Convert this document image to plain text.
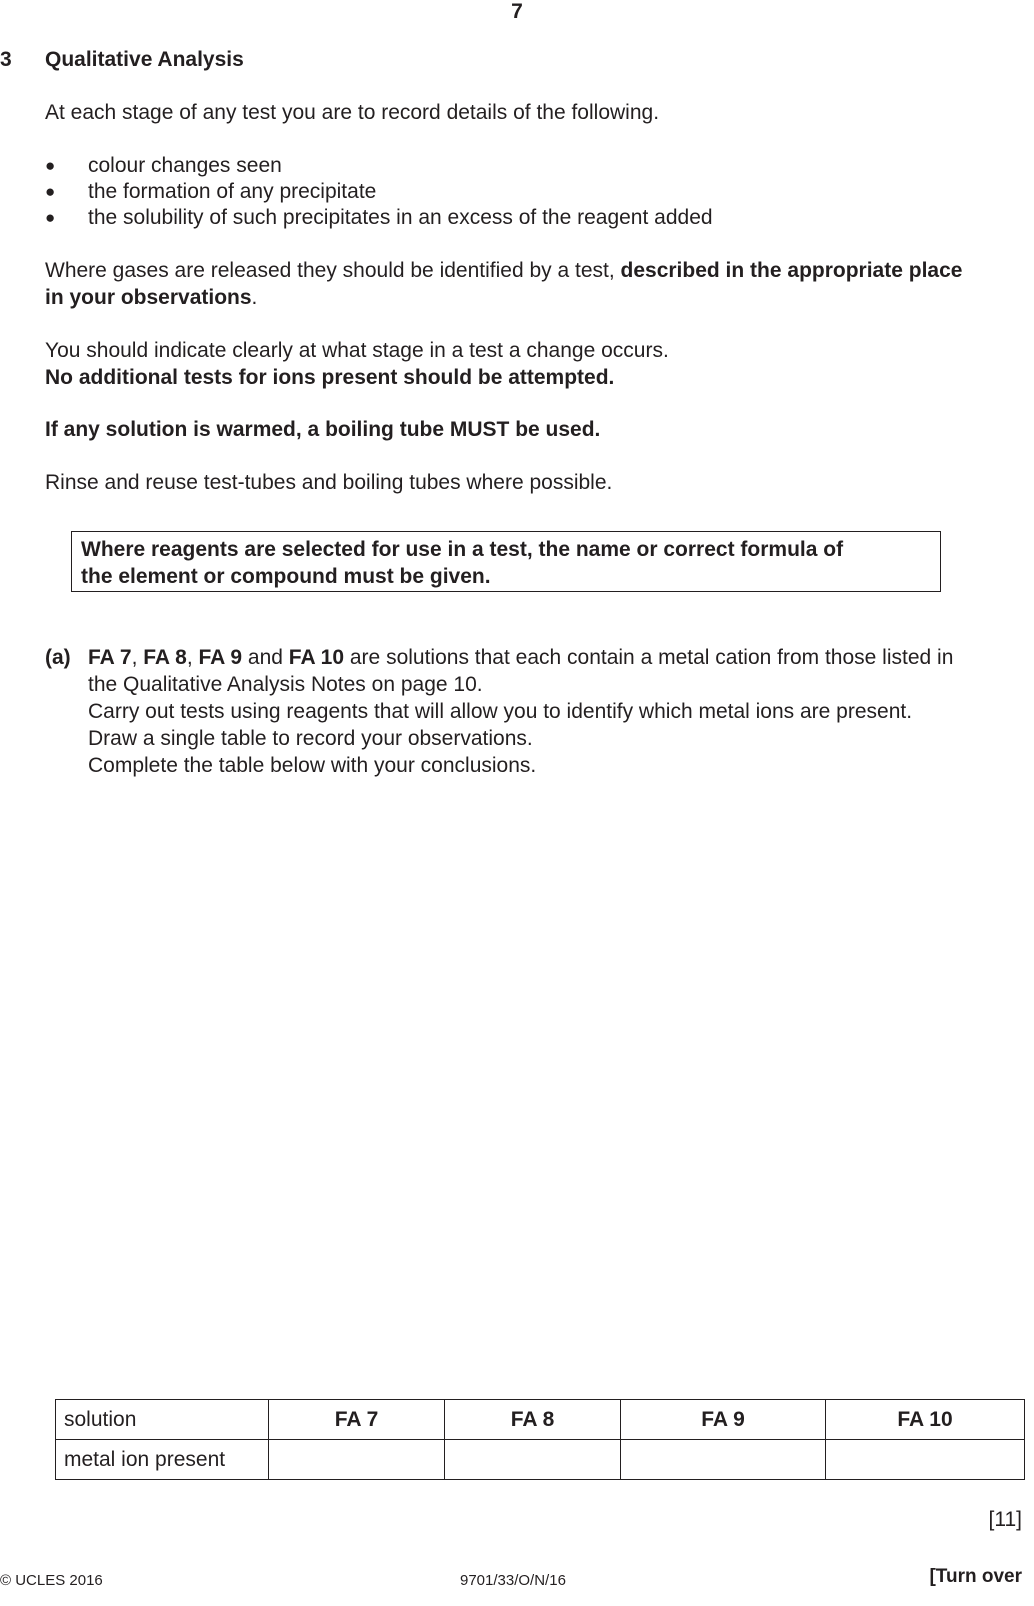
7
3 Qualitative Analysis
At each stage of any test you are to record details of the following.
● colour changes seen
● the formation of any precipitate
● the solubility of such precipitates in an excess of the reagent added
Where gases are released they should be identified by a test, described in the appropriate place
in your observations.
You should indicate clearly at what stage in a test a change occurs.
No additional tests for ions present should be attempted.
If any solution is warmed, a boiling tube MUST be used.
Rinse and reuse test-tubes and boiling tubes where possible.
Where reagents are selected for use in a test, the name or correct formula of
the element or compound must be given.
(a) FA 7, FA 8, FA 9 and FA 10 are solutions that each contain a metal cation from those listed in
the Qualitative Analysis Notes on page 10.
Carry out tests using reagents that will allow you to identify which metal ions are present.
Draw a single table to record your observations.
Complete the table below with your conclusions.
solution	FA 7	FA 8	FA 9	FA 10
metal ion present				
[11]
© UCLES 2016	9701/33/O/N/16	[Turn over
